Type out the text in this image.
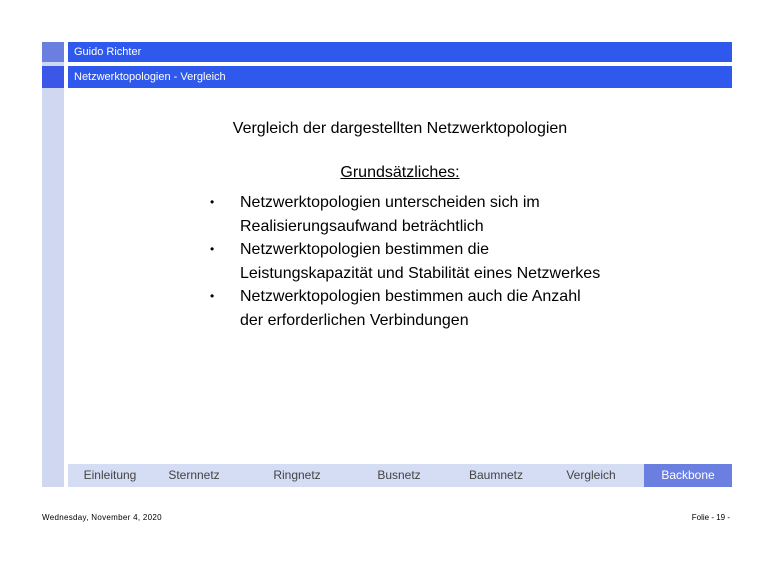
Guido Richter
Netzwerktopologien - Vergleich
Vergleich der dargestellten Netzwerktopologien
Grundsätzliches:
• Netzwerktopologien unterscheiden sich im
Realisierungsaufwand beträchtlich
• Netzwerktopologien bestimmen die
Leistungskapazität und Stabilität eines Netzwerkes
• Netzwerktopologien bestimmen auch die Anzahl
der erforderlichen Verbindungen
Einleitung	Sternnetz	Ringnetz	Busnetz	Baumnetz	Vergleich	Backbone
Wednesday, November 4, 2020	Folie - 19 -
